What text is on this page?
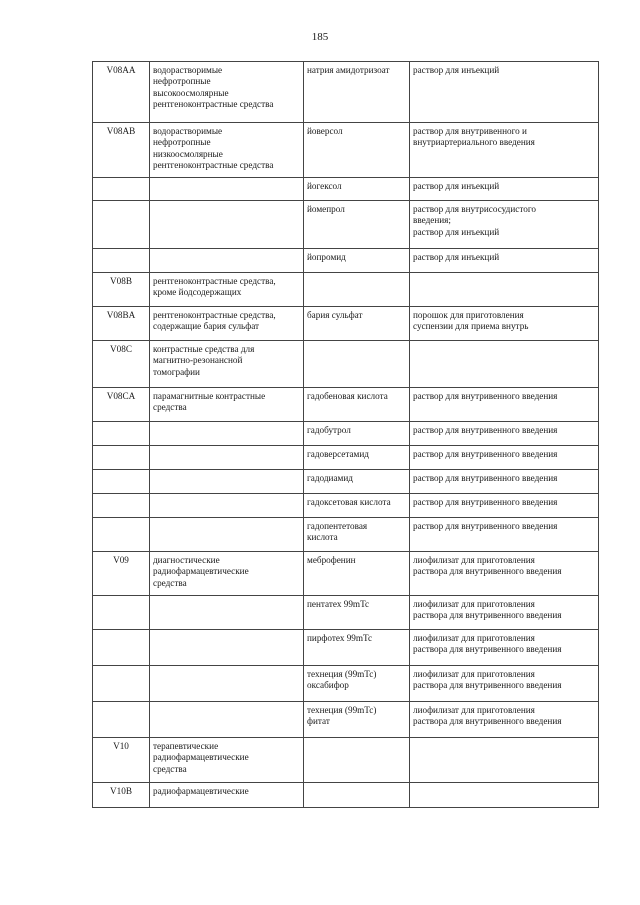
185
V08AA	водорастворимые
нефротропные
высокоосмолярные
рентгеноконтрастные средства	натрия амидотризоат	раствор для инъекций
V08AB	водорастворимые
нефротропные
низкоосмолярные
рентгеноконтрастные средства	йоверсол	раствор для внутривенного и
внутриартериального введения
		йогексол	раствор для инъекций
		йомепрол	раствор для внутрисосудистого
введения;
раствор для инъекций
		йопромид	раствор для инъекций
V08B	рентгеноконтрастные средства,
кроме йодсодержащих		
V08BA	рентгеноконтрастные средства,
содержащие бария сульфат	бария сульфат	порошок для приготовления
суспензии для приема внутрь
V08C	контрастные средства для
магнитно-резонансной
томографии		
V08CA	парамагнитные контрастные
средства	гадобеновая кислота	раствор для внутривенного введения
		гадобутрол	раствор для внутривенного введения
		гадоверсетамид	раствор для внутривенного введения
		гадодиамид	раствор для внутривенного введения
		гадоксетовая кислота	раствор для внутривенного введения
		гадопентетовая
кислота	раствор для внутривенного введения
V09	диагностические
радиофармацевтические
средства	меброфенин	лиофилизат для приготовления
раствора для внутривенного введения
		пентатех 99mTc	лиофилизат для приготовления
раствора для внутривенного введения
		пирфотех 99mTc	лиофилизат для приготовления
раствора для внутривенного введения
		технеция (99mTc)
оксабифор	лиофилизат для приготовления
раствора для внутривенного введения
		технеция (99mTc)
фитат	лиофилизат для приготовления
раствора для внутривенного введения
V10	терапевтические
радиофармацевтические
средства		
V10B	радиофармацевтические		
